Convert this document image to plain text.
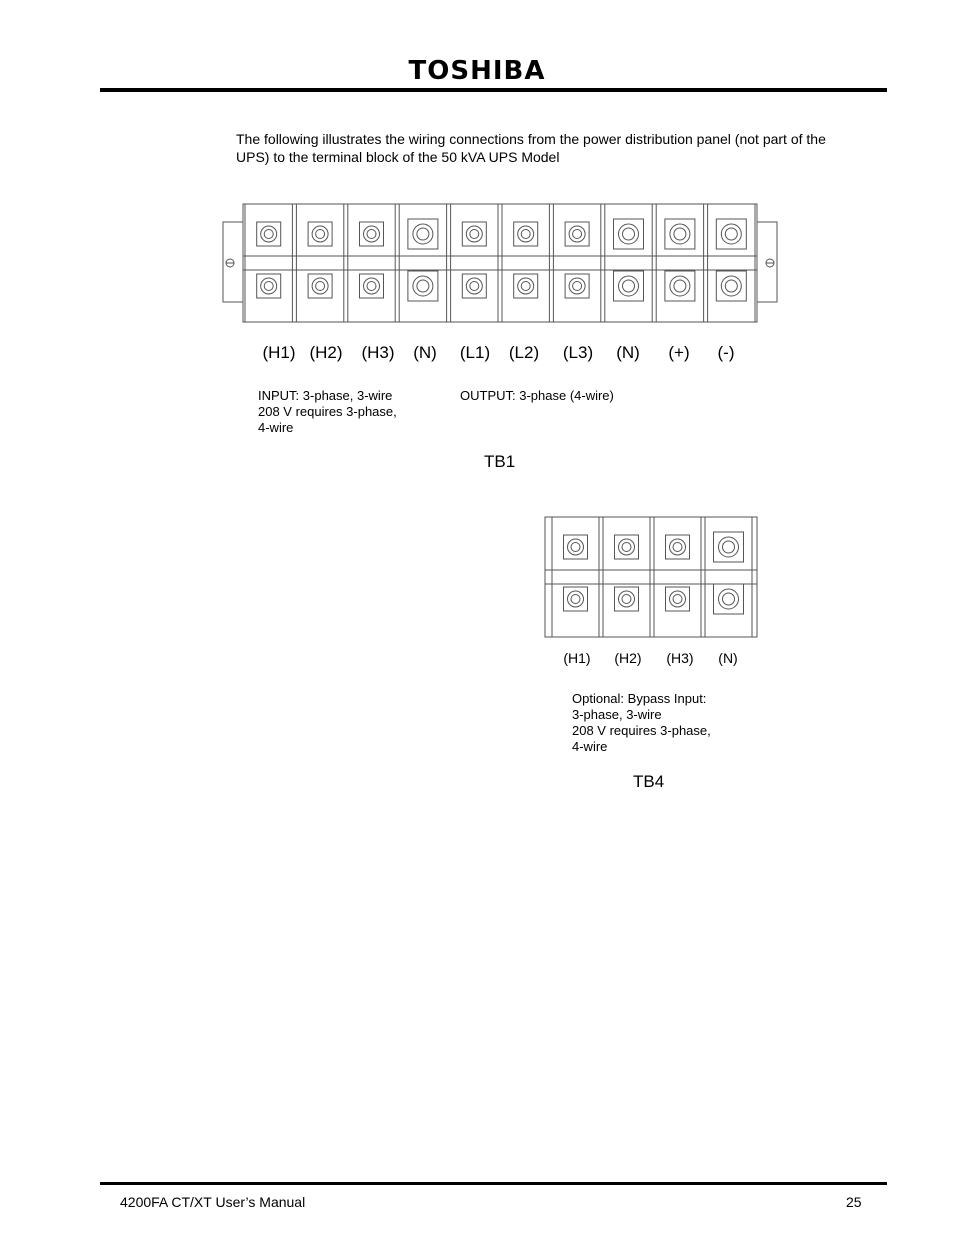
TOSHIBA
The following illustrates the wiring connections from the power distribution panel (not part of the UPS) to the terminal block of the 50 kVA UPS Model
(H1) (H2)	(H3)	(N)	(L1)	(L2)	(L3)	(N)	(+)	(-)
INPUT: 3-phase, 3-wire
208 V requires 3-phase,
4-wire
OUTPUT: 3-phase (4-wire)
TB1
(H1)	(H2)	(H3)	(N)
Optional: Bypass Input:
3-phase, 3-wire
208 V requires 3-phase,
4-wire
TB4
4200FA CT/XT User’s Manual	25
